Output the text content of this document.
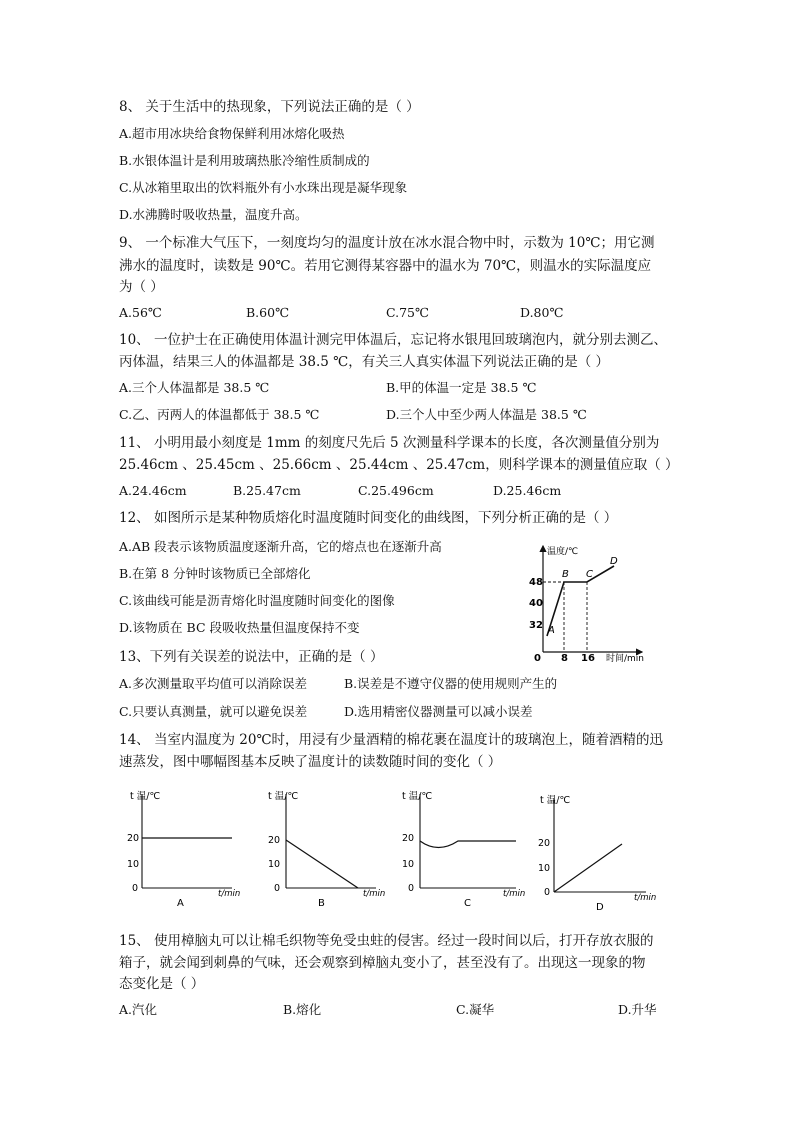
8、 关于生活中的热现象，下列说法正确的是（ ）
A.超市用冰块给食物保鲜利用冰熔化吸热
B.水银体温计是利用玻璃热胀冷缩性质制成的
C.从冰箱里取出的饮料瓶外有小水珠出现是凝华现象
D.水沸腾时吸收热量，温度升高。
9、 一个标准大气压下，一刻度均匀的温度计放在冰水混合物中时，示数为 10℃；用它测
沸水的温度时，读数是 90℃。若用它测得某容器中的温水为 70℃，则温水的实际温度应
为（ ）
A.56℃	B.60℃	C.75℃	D.80℃
10、 一位护士在正确使用体温计测完甲体温后，忘记将水银甩回玻璃泡内，就分别去测乙、
丙体温，结果三人的体温都是 38.5 ℃，有关三人真实体温下列说法正确的是（ ）
A.三个人体温都是 38.5 ℃	B.甲的体温一定是 38.5 ℃
C.乙、丙两人的体温都低于 38.5 ℃	D.三个人中至少两人体温是 38.5 ℃
11、 小明用最小刻度是 1mm 的刻度尺先后 5 次测量科学课本的长度，各次测量值分别为
25.46cm 、25.45cm 、25.66cm 、25.44cm 、25.47cm，则科学课本的测量值应取（ ）
A.24.46cm	B.25.47cm	C.25.496cm	D.25.46cm
12、 如图所示是某种物质熔化时温度随时间变化的曲线图，下列分析正确的是（ ）
A.AB 段表示该物质温度逐渐升高，它的熔点也在逐渐升高
B.在第 8 分钟时该物质已全部熔化
C.该曲线可能是沥青熔化时温度随时间变化的图像
D.该物质在 BC 段吸收热量但温度保持不变
温度/℃
时间/min
32
40
48
0 8 16
A
B C
D
13、下列有关误差的说法中，正确的是（ ）
A.多次测量取平均值可以消除误差	B.误差是不遵守仪器的使用规则产生的
C.只要认真测量，就可以避免误差	D.选用精密仪器测量可以减小误差
14、 当室内温度为 20℃时，用浸有少量酒精的棉花裹在温度计的玻璃泡上，随着酒精的迅
速蒸发，图中哪幅图基本反映了温度计的读数随时间的变化（ ）
t 温/℃
t/min
20
10
0
A
t 温/℃
t/min
20
10
0
B
t 温/℃
t/min
20
10
0
C
t 温/℃
t/min
20
10
0
D
15、 使用樟脑丸可以让棉毛织物等免受虫蛀的侵害。经过一段时间以后，打开存放衣服的
箱子，就会闻到刺鼻的气味，还会观察到樟脑丸变小了，甚至没有了。出现这一现象的物
态变化是（ ）
A.汽化	B.熔化	C.凝华	D.升华
